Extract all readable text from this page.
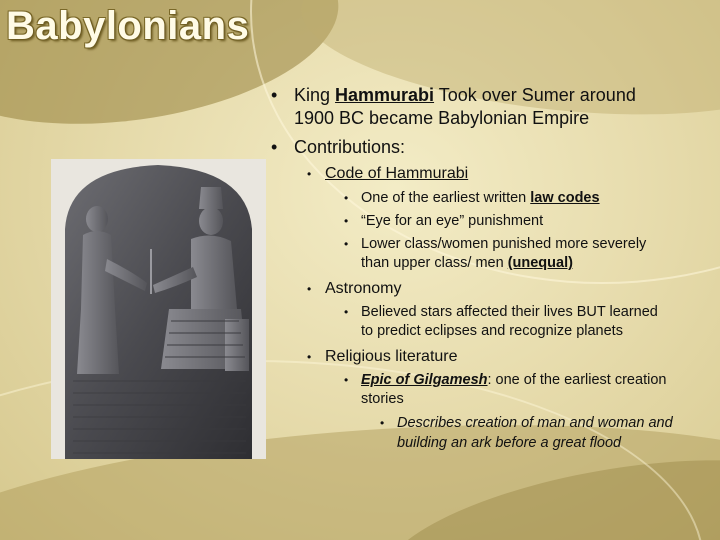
Babylonians
• King Hammurabi Took over Sumer around
1900 BC became Babylonian Empire
• Contributions:
• Code of Hammurabi
• One of the earliest written law codes
• “Eye for an eye” punishment
• Lower class/women punished more severely
than upper class/ men (unequal)
• Astronomy
• Believed stars affected their lives BUT learned
to predict eclipses and recognize planets
• Religious literature
• Epic of Gilgamesh: one of the earliest creation
stories
• Describes creation of man and woman and
building an ark before a great flood
